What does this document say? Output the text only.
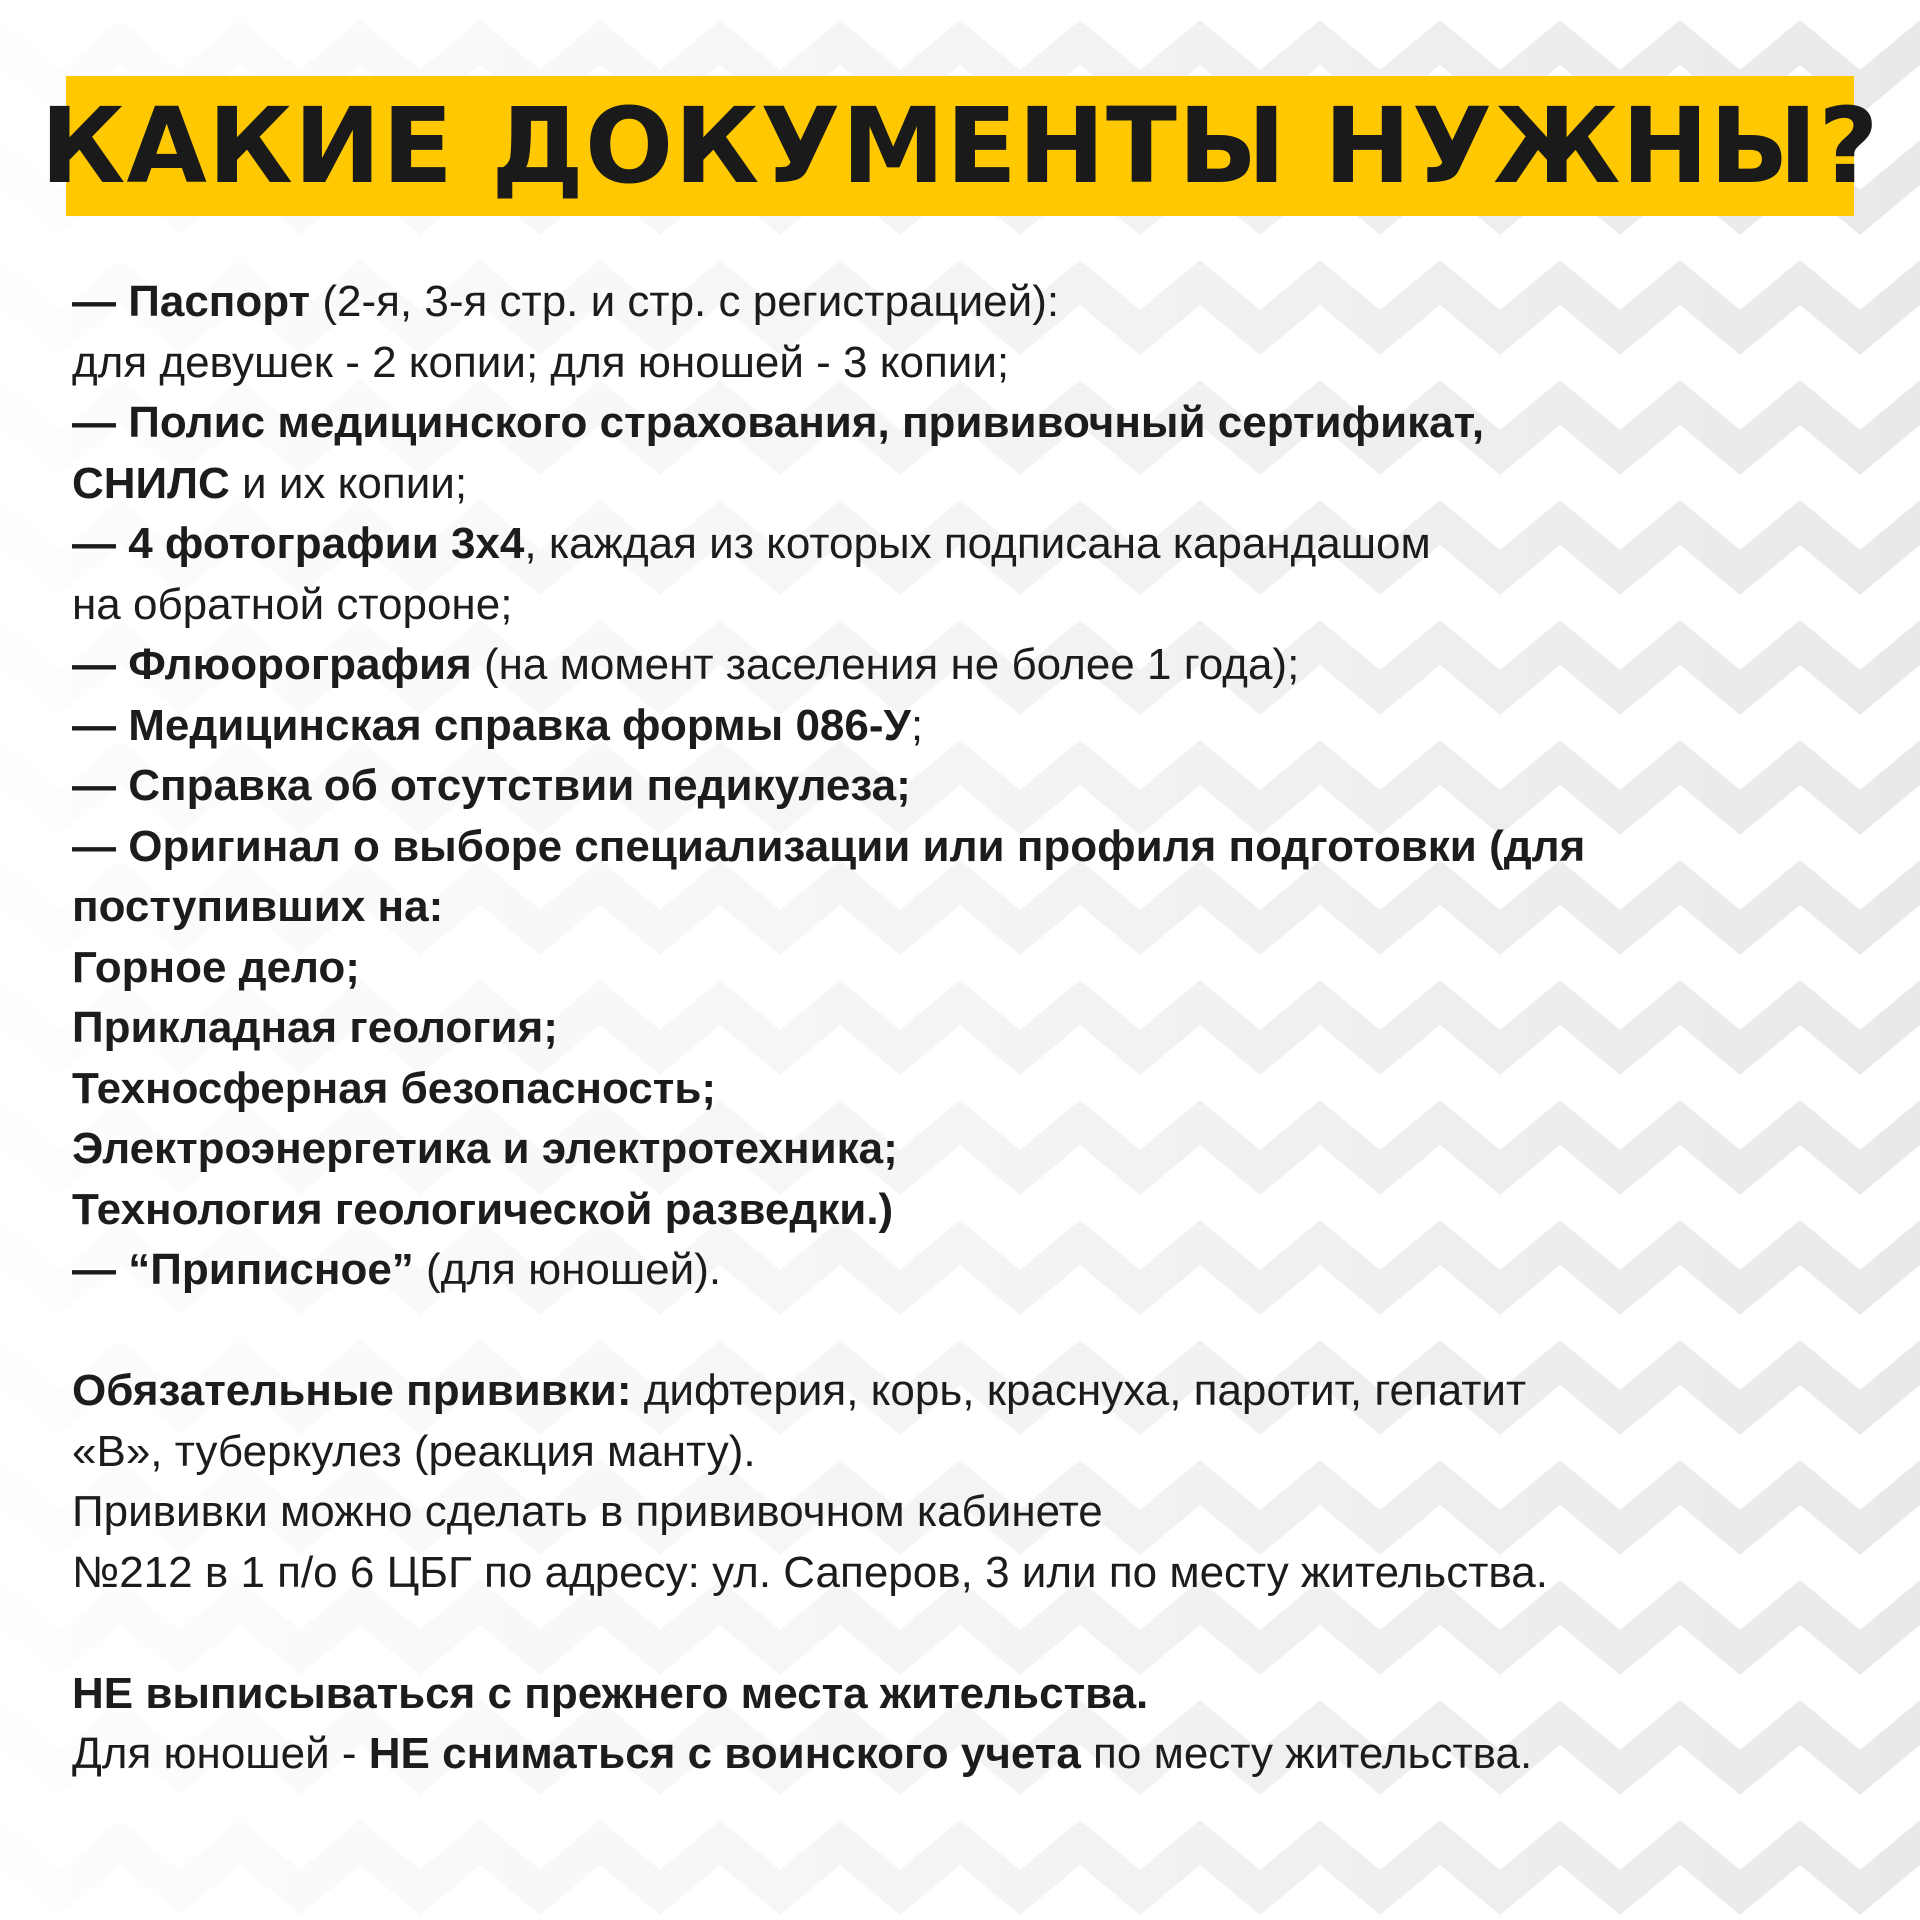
КАКИЕ ДОКУМЕНТЫ НУЖНЫ?
— Паспорт (2-я, 3-я стр. и стр. с регистрацией):
для девушек - 2 копии; для юношей - 3 копии;
— Полис медицинского страхования, прививочный сертификат,
СНИЛС и их копии;
— 4 фотографии 3х4, каждая из которых подписана карандашом
на обратной стороне;
— Флюорография (на момент заселения не более 1 года);
— Медицинская справка формы 086-У;
— Справка об отсутствии педикулеза;
— Оригинал о выборе специализации или профиля подготовки (для
поступивших на:
Горное дело;
Прикладная геология;
Техносферная безопасность;
Электроэнергетика и электротехника;
Технология геологической разведки.)
— “Приписное” (для юношей).
Обязательные прививки: дифтерия, корь, краснуха, паротит, гепатит
«В», туберкулез (реакция манту).
Прививки можно сделать в прививочном кабинете
№212 в 1 п/о 6 ЦБГ по адресу: ул. Саперов, 3 или по месту жительства.
НЕ выписываться с прежнего места жительства.
Для юношей - НЕ сниматься с воинского учета по месту жительства.
